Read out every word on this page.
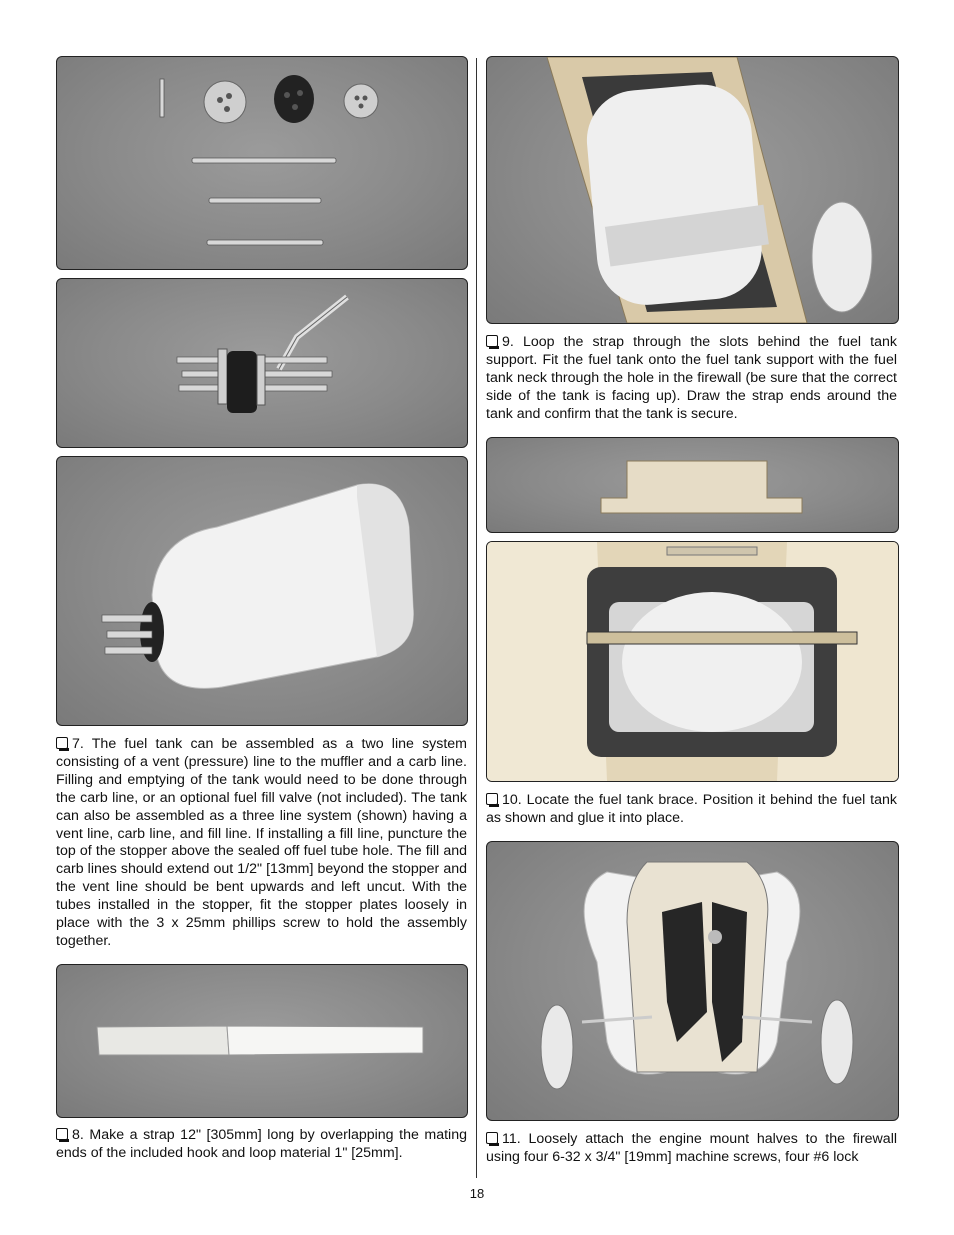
7. The fuel tank can be assembled as a two line system consisting of a vent (pressure) line to the muffler and a carb line. Filling and emptying of the tank would need to be done through the carb line, or an optional fuel fill valve (not included). The tank can also be assembled as a three line system (shown) having a vent line, carb line, and fill line. If installing a fill line, puncture the top of the stopper above the sealed off fuel tube hole. The fill and carb lines should extend out 1/2" [13mm] beyond the stopper and the vent line should be bent upwards and left uncut. With the tubes installed in the stopper, fit the stopper plates loosely in place with the 3 x 25mm phillips screw to hold the assembly together.

8. Make a strap 12" [305mm] long by overlapping the mating ends of the included hook and loop material 1" [25mm].

9. Loop the strap through the slots behind the fuel tank support. Fit the fuel tank onto the fuel tank support with the fuel tank neck through the hole in the firewall (be sure that the correct side of the tank is facing up). Draw the strap ends around the tank and confirm that the tank is secure.

10. Locate the fuel tank brace. Position it behind the fuel tank as shown and glue it into place.

11. Loosely attach the engine mount halves to the firewall using four 6-32 x 3/4" [19mm] machine screws, four #6 lock

18
